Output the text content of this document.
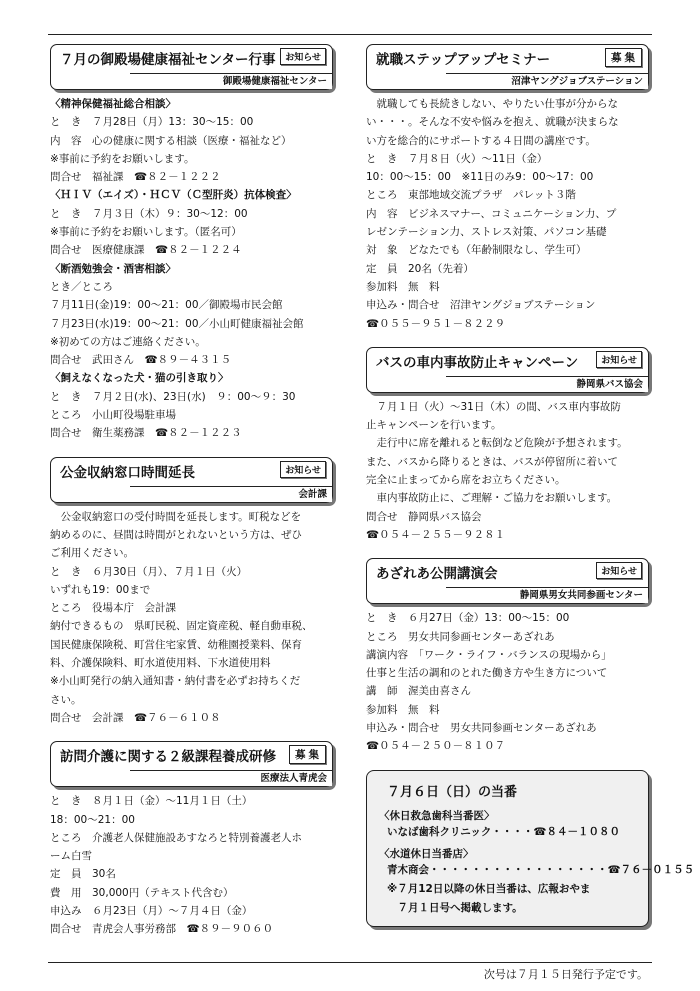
７月の御殿場健康福祉センター行事	お知らせ
御殿場健康福祉センター
〈精神保健福祉総合相談〉
と　き　７月28日（月）13：30～15：00
内　容　心の健康に関する相談（医療・福祉など）
※事前に予約をお願いします。
問合せ　福祉課　☎８２－１２２２
〈ＨＩＶ（エイズ）・ＨＣＶ（Ｃ型肝炎）抗体検査〉
と　き　７月３日（木）９：30～12：00
※事前に予約をお願いします。（匿名可）
問合せ　医療健康課　☎８２－１２２４
〈断酒勉強会・酒害相談〉
とき／ところ
７月11日(金)19：00～21：00／御殿場市民会館
７月23日(水)19：00～21：00／小山町健康福祉会館
※初めての方はご連絡ください。
問合せ　武田さん　☎８９－４３１５
〈飼えなくなった犬・猫の引き取り〉
と　き　７月２日(水)、23日(水)　９：00～９：30
ところ　小山町役場駐車場
問合せ　衛生薬務課　☎８２－１２２３
公金収納窓口時間延長	お知らせ
会計課
公金収納窓口の受付時間を延長します。町税などを
納めるのに、昼間は時間がとれないという方は、ぜひ
ご利用ください。
と　き　６月30日（月）、７月１日（火）
いずれも19：00まで
ところ　役場本庁　会計課
納付できるもの　県町民税、固定資産税、軽自動車税、
国民健康保険税、町営住宅家賃、幼稚園授業料、保育
料、介護保険料、町水道使用料、下水道使用料
※小山町発行の納入通知書・納付書を必ずお持ちくだ
さい。
問合せ　会計課　☎７６－６１０８
訪問介護に関する２級課程養成研修	募集
医療法人青虎会
と　き　８月１日（金）～11月１日（土）
18：00～21：00
ところ　介護老人保健施設あすなろと特別養護老人ホ
ーム白雪
定　員　30名
費　用　30,000円（テキスト代含む）
申込み　６月23日（月）～７月４日（金）
問合せ　青虎会人事労務部　☎８９－９０６０
就職ステップアップセミナー	募集
沼津ヤングジョブステーション
就職しても長続きしない、やりたい仕事が分からな
い・・・。そんな不安や悩みを抱え、就職が決まらな
い方を総合的にサポートする４日間の講座です。
と　き　７月８日（火）～11日（金）
10：00～15：00　※11日のみ9：00～17：00
ところ　東部地域交流プラザ　パレット３階
内　容　ビジネスマナー、コミュニケーション力、プ
レゼンテーション力、ストレス対策、パソコン基礎
対　象　どなたでも（年齢制限なし、学生可）
定　員　20名（先着）
参加料　無　料
申込み・問合せ　沼津ヤングジョブステーション
☎０５５－９５１－８２２９
バスの車内事故防止キャンペーン	お知らせ
静岡県バス協会
７月１日（火）～31日（木）の間、バス車内事故防
止キャンペーンを行います。
走行中に席を離れると転倒など危険が予想されます。
また、バスから降りるときは、バスが停留所に着いて
完全に止まってから席をお立ちください。
車内事故防止に、ご理解・ご協力をお願いします。
問合せ　静岡県バス協会
☎０５４－２５５－９２８１
あざれあ公開講演会	お知らせ
静岡県男女共同参画センター
と　き　６月27日（金）13：00～15：00
ところ　男女共同参画センターあざれあ
講演内容　「ワーク・ライフ・バランスの現場から」
仕事と生活の調和のとれた働き方や生き方について
講　師　渥美由喜さん
参加料　無　料
申込み・問合せ　男女共同参画センターあざれあ
☎０５４－２５０－８１０７
７月６日（日）の当番
〈休日救急歯科当番医〉
いなば歯科クリニック・・・・☎８４－１０８０
〈水道休日当番店〉
青木商会・・・・・・・・・・・・・・・・・☎７６－０１５５
※７月12日以降の休日当番は、広報おやま
　７月１日号へ掲載します。
次号は７月１５日発行予定です。
